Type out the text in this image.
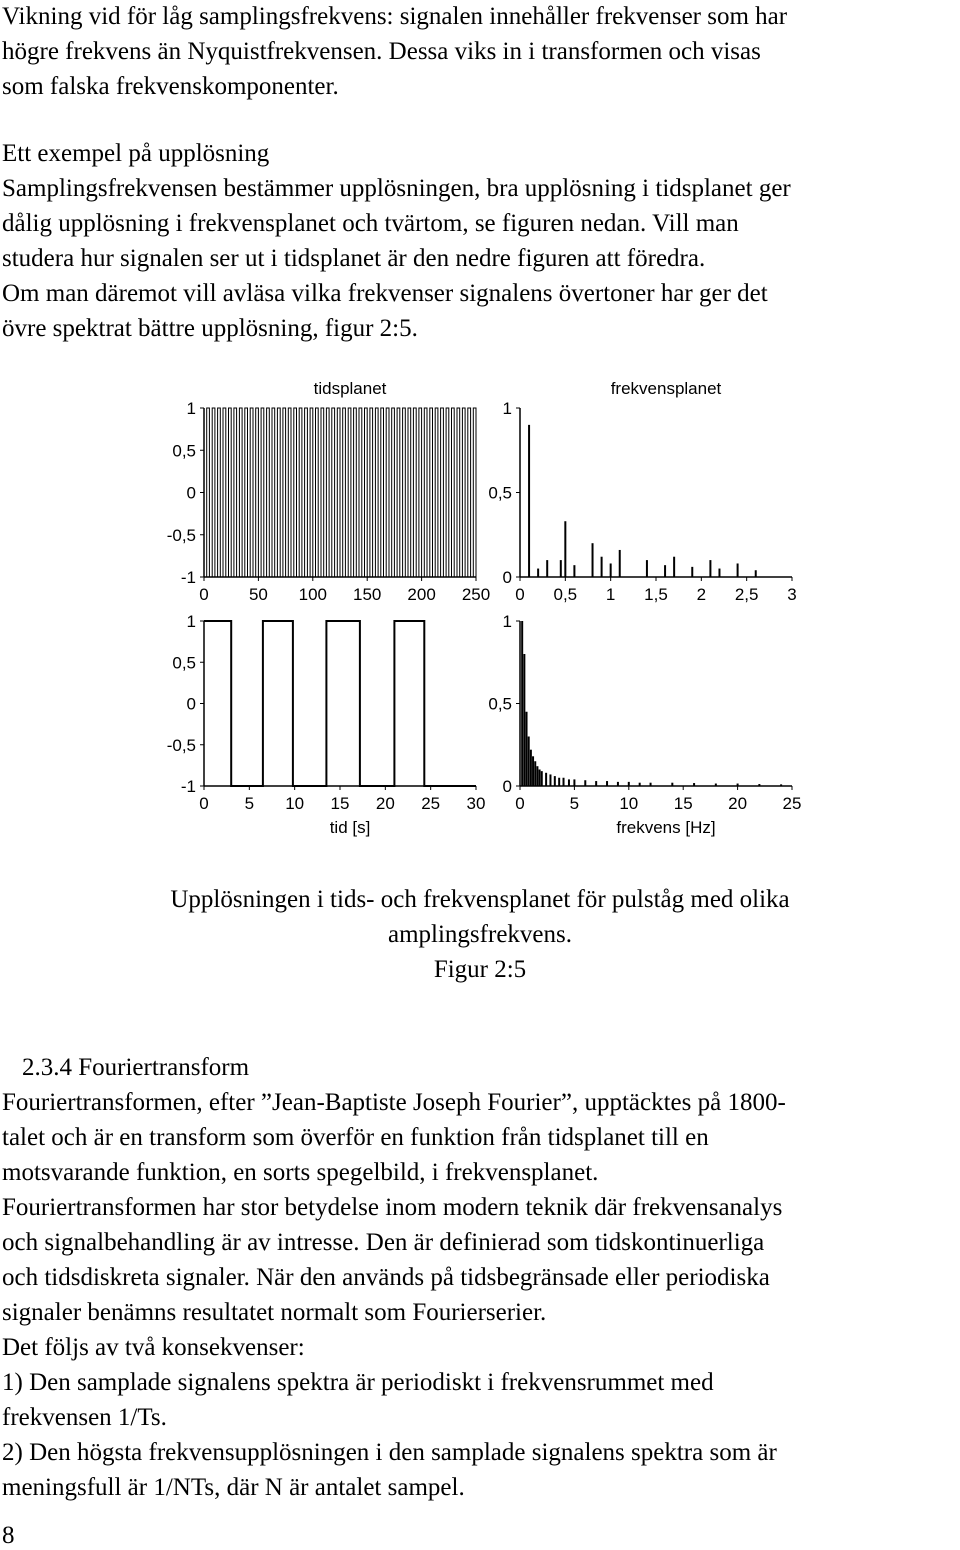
Vikning vid för låg samplingsfrekvens: signalen innehåller frekvenser som har
högre frekvens än Nyquistfrekvensen. Dessa viks in i transformen och visas
som falska frekvenskomponenter.
Ett exempel på upplösning
Samplingsfrekvensen bestämmer upplösningen, bra upplösning i tidsplanet ger
dålig upplösning i frekvensplanet och tvärtom, se figuren nedan. Vill man
studera hur signalen ser ut i tidsplanet är den nedre figuren att föredra.
Om man däremot vill avläsa vilka frekvenser signalens övertoner har ger det
övre spektrat bättre upplösning, figur 2:5.
0 50 100 150 200 250
1
0,5
0
-0,5
-1
tidsplanet
0 0,5 1 1,5 2 2,5 3
1
0,5
0
frekvensplanet
0 5 10 15 20 25 30
1
0,5
0
-0,5
-1
tid [s]
0	5 10 15 20 25
1
0,5
0
frekvens [Hz]
Upplösningen i tids- och frekvensplanet för pulståg med olika
amplingsfrekvens.
Figur 2:5
2.3.4 Fouriertransform
Fouriertransformen, efter ”Jean-Baptiste Joseph Fourier”, upptäcktes på 1800-
talet och är en transform som överför en funktion från tidsplanet till en
motsvarande funktion, en sorts spegelbild, i frekvensplanet.
Fouriertransformen har stor betydelse inom modern teknik där frekvensanalys
och signalbehandling är av intresse. Den är definierad som tidskontinuerliga
och tidsdiskreta signaler. När den används på tidsbegränsade eller periodiska
signaler benämns resultatet normalt som Fourierserier.
Det följs av två konsekvenser:
1) Den samplade signalens spektra är periodiskt i frekvensrummet med
frekvensen 1/Ts.
2) Den högsta frekvensupplösningen i den samplade signalens spektra som är
meningsfull är 1/NTs, där N är antalet sampel.
8
